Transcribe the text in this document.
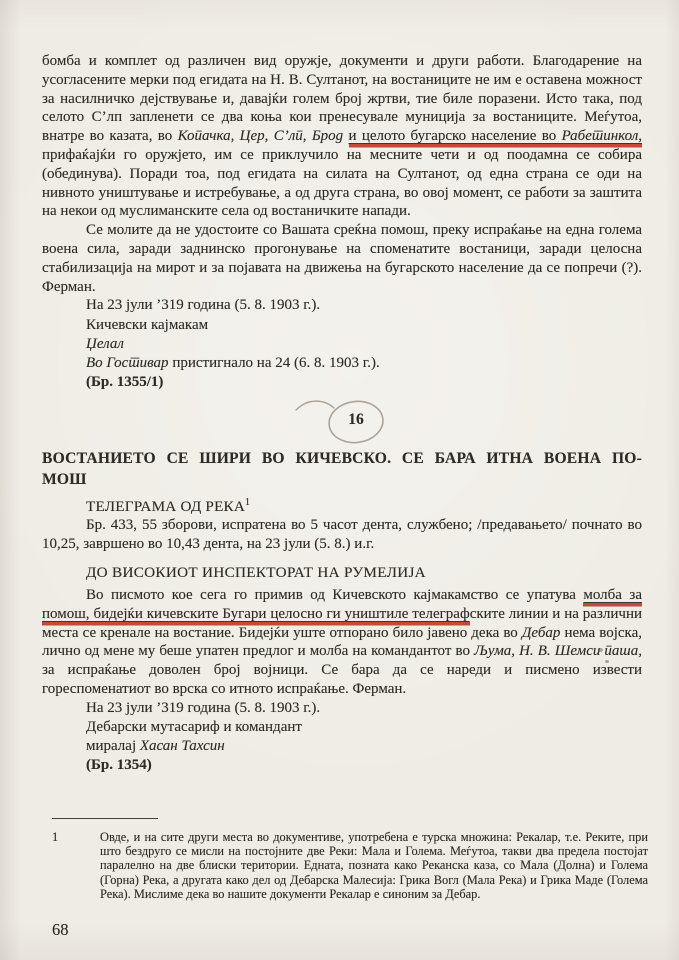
бомба и комплет од различен вид оружје, документи и други работи. Благодарение на усогласените мерки под егидата на Н. В. Султанот, на востаниците не им е оставена можност за насилничко дејствување и, давајќи голем број жртви, тие биле поразени. Исто така, под селото С’лп запленети се два коња кои пренесувале муниција за востаниците. Меѓутоа, внатре во казата, во Копачка, Цер, С’лп, Брод и целото бугарско население во Рабетинкол, прифаќајќи го оружјето, им се приклучило на месните чети и од поодамна се собира (обединува). Поради тоа, под егидата на силата на Султанот, од една страна се оди на нивното уништување и истребување, а од друга страна, во овој момент, се работи за заштита на некои од муслиманските села од востаничките напади.

Се молите да не удостоите со Вашата среќна помош, преку испраќање на една голема воена сила, заради заднинско прогонување на споменатите востаници, заради целосна стабилизација на мирот и за појавата на движења на бугарското население да се попречи (?). Ферман.

На 23 јули ’319 година (5. 8. 1903 г.).
Кичевски кајмакам
Џелал
Во Гостивар пристигнало на 24 (6. 8. 1903 г.).
(Бр. 1355/1)
16
ВОСТАНИЕТО СЕ ШИРИ ВО КИЧЕВСКО. СЕ БАРА ИТНА ВОЕНА ПО-
МОШ
ТЕЛЕГРАМА ОД РЕКА$^1$

Бр. 433, 55 зборови, испратена во 5 часот дента, службено; /предавањето/ почнато во 10,25, завршено во 10,43 дента, на 23 јули (5. 8.) и.г.

ДО ВИСОКИОТ ИНСПЕКТОРАТ НА РУМЕЛИЈА

Во писмото кое сега го примив од Кичевското кајмакамство се упатува молба за помош, бидејќи кичевските Бугари целосно ги уништиле телеграфските линии и на различни места се кренале на востание. Бидејќи уште отпорано било јавено дека во Дебар нема војска, лично од мене му беше упатен предлог и молба на командантот во Љума, Н. В. Шемси паша, за испраќање доволен број војници. Се бара да се нареди и писмено извести гореспоменатиот во врска со итното испраќање. Ферман.

На 23 јули ’319 година (5. 8. 1903 г.).
Дебарски мутасариф и командант
миралај Хасан Тахсин
(Бр. 1354)
1	Овде, и на сите други места во документиве, употребена е турска множина: Рекалар, т.е. Реките, при што бездруго се мисли на постојните две Реки: Мала и Голема. Меѓутоа, такви два предела постојат паралелно на две блиски територии. Едната, позната како Реканска каза, со Мала (Долна) и Голема (Горна) Река, а другата како дел од Дебарска Малесија: Грика Вогл (Мала Река) и Грика Маде (Голема Река). Мислиме дека во нашите документи Рекалар е синоним за Дебар.
68
